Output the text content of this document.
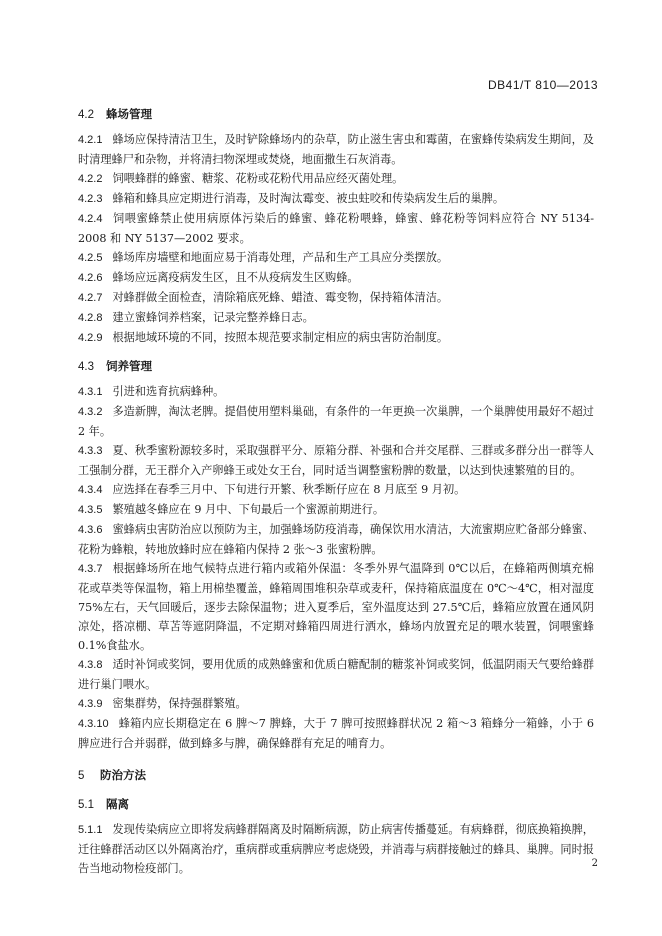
DB41/T 810—2013
4.2 蜂场管理

4.2.1 蜂场应保持清洁卫生，及时铲除蜂场内的杂草，防止滋生害虫和霉菌，在蜜蜂传染病发生期间，及时清理蜂尸和杂物，并将清扫物深埋或焚烧，地面撒生石灰消毒。

4.2.2 饲喂蜂群的蜂蜜、糖浆、花粉或花粉代用品应经灭菌处理。

4.2.3 蜂箱和蜂具应定期进行消毒，及时淘汰霉变、被虫蛀咬和传染病发生后的巢脾。

4.2.4 饲喂蜜蜂禁止使用病原体污染后的蜂蜜、蜂花粉喂蜂，蜂蜜、蜂花粉等饲料应符合 NY 5134-2008 和 NY 5137—2002 要求。

4.2.5 蜂场库房墙壁和地面应易于消毒处理，产品和生产工具应分类摆放。

4.2.6 蜂场应远离疫病发生区，且不从疫病发生区购蜂。

4.2.7 对蜂群做全面检查，清除箱底死蜂、蜡渣、霉变物，保持箱体清洁。

4.2.8 建立蜜蜂饲养档案，记录完整养蜂日志。

4.2.9 根据地域环境的不同，按照本规范要求制定相应的病虫害防治制度。

4.3 饲养管理

4.3.1 引进和选育抗病蜂种。

4.3.2 多造新脾，淘汰老脾。提倡使用塑料巢础，有条件的一年更换一次巢脾，一个巢脾使用最好不超过 2 年。

4.3.3 夏、秋季蜜粉源较多时，采取强群平分、原箱分群、补强和合并交尾群、三群或多群分出一群等人工强制分群，无王群介入产卵蜂王或处女王台，同时适当调整蜜粉脾的数量，以达到快速繁殖的目的。

4.3.4 应选择在春季三月中、下旬进行开繁、秋季断仔应在 8 月底至 9 月初。

4.3.5 繁殖越冬蜂应在 9 月中、下旬最后一个蜜源前期进行。

4.3.6 蜜蜂病虫害防治应以预防为主，加强蜂场防疫消毒，确保饮用水清洁，大流蜜期应贮备部分蜂蜜、花粉为蜂粮，转地放蜂时应在蜂箱内保持 2 张～3 张蜜粉脾。

4.3.7 根据蜂场所在地气候特点进行箱内或箱外保温：冬季外界气温降到 0℃以后，在蜂箱两侧填充棉花或草类等保温物，箱上用棉垫覆盖，蜂箱周围堆积杂草或麦秆，保持箱底温度在 0℃～4℃，相对湿度 75%左右，天气回暖后，逐步去除保温物；进入夏季后，室外温度达到 27.5℃后，蜂箱应放置在通风阴凉处，搭凉棚、草苫等遮阴降温，不定期对蜂箱四周进行洒水，蜂场内放置充足的喂水装置，饲喂蜜蜂 0.1%食盐水。

4.3.8 适时补饲或奖饲，要用优质的成熟蜂蜜和优质白糖配制的糖浆补饲或奖饲，低温阴雨天气要给蜂群进行巢门喂水。

4.3.9 密集群势，保持强群繁殖。

4.3.10 蜂箱内应长期稳定在 6 脾～7 脾蜂，大于 7 脾可按照蜂群状况 2 箱～3 箱蜂分一箱蜂，小于 6 脾应进行合并弱群，做到蜂多与脾，确保蜂群有充足的哺育力。

5 防治方法
5.1 隔离

5.1.1 发现传染病应立即将发病蜂群隔离及时隔断病源，防止病害传播蔓延。有病蜂群，彻底换箱换脾，迁往蜂群活动区以外隔离治疗，重病群或重病脾应考虑烧毁，并消毒与病群接触过的蜂具、巢脾。同时报告当地动物检疫部门。	2
